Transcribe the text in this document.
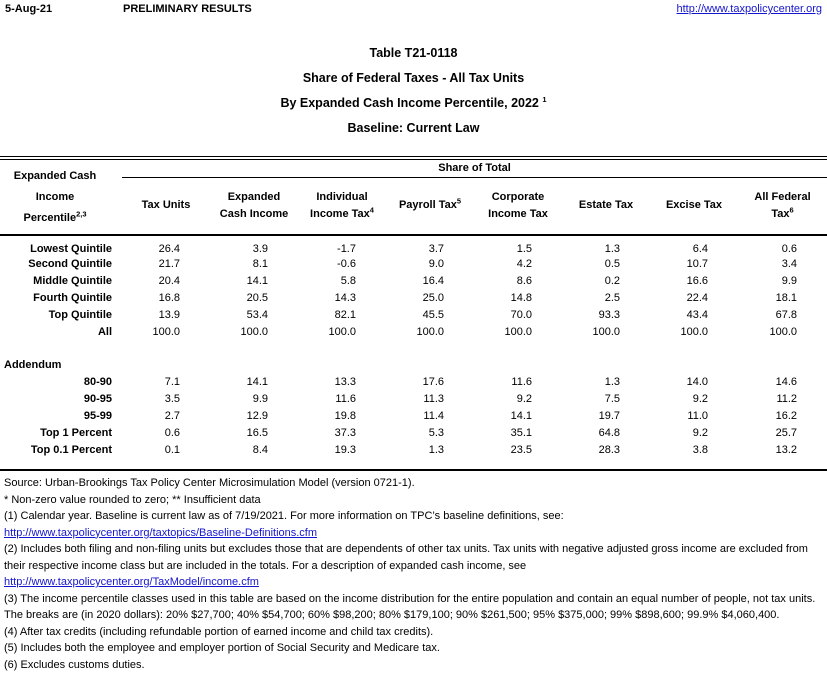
5-Aug-21	PRELIMINARY RESULTS	http://www.taxpolicycenter.org
Table T21-0118
Share of Federal Taxes - All Tax Units
By Expanded Cash Income Percentile, 2022 $^1$
Baseline: Current Law
Expanded Cash Income Percentile$^{2,3}$	Share of Total							
	Tax Units	Expanded Cash Income	Individual Income Tax$^4$	Payroll Tax$^5$	Corporate Income Tax	Estate Tax	Excise Tax	All Federal Tax$^6$
Lowest Quintile	26.4	3.9	-1.7	3.7	1.5	1.3	6.4	0.6
Second Quintile	21.7	8.1	-0.6	9.0	4.2	0.5	10.7	3.4
Middle Quintile	20.4	14.1	5.8	16.4	8.6	0.2	16.6	9.9
Fourth Quintile	16.8	20.5	14.3	25.0	14.8	2.5	22.4	18.1
Top Quintile	13.9	53.4	82.1	45.5	70.0	93.3	43.4	67.8
All	100.0	100.0	100.0	100.0	100.0	100.0	100.0	100.0

Addendum								
80-90	7.1	14.1	13.3	17.6	11.6	1.3	14.0	14.6
90-95	3.5	9.9	11.6	11.3	9.2	7.5	9.2	11.2
95-99	2.7	12.9	19.8	11.4	14.1	19.7	11.0	16.2
Top 1 Percent	0.6	16.5	37.3	5.3	35.1	64.8	9.2	25.7
Top 0.1 Percent	0.1	8.4	19.3	1.3	23.5	28.3	3.8	13.2

Source: Urban-Brookings Tax Policy Center Microsimulation Model (version 0721-1).
* Non-zero value rounded to zero; ** Insufficient data
(1) Calendar year. Baseline is current law as of 7/19/2021. For more information on TPC’s baseline definitions, see:
http://www.taxpolicycenter.org/taxtopics/Baseline-Definitions.cfm
(2) Includes both filing and non-filing units but excludes those that are dependents of other tax units. Tax units with negative adjusted gross income are excluded from their respective income class but are included in the totals. For a description of expanded cash income, see
http://www.taxpolicycenter.org/TaxModel/income.cfm
(3) The income percentile classes used in this table are based on the income distribution for the entire population and contain an equal number of people, not tax units. The breaks are (in 2020 dollars): 20% $27,700; 40% $54,700; 60% $98,200; 80% $179,100; 90% $261,500; 95% $375,000; 99% $898,600; 99.9% $4,060,400.
(4) After tax credits (including refundable portion of earned income and child tax credits).
(5) Includes both the employee and employer portion of Social Security and Medicare tax.
(6) Excludes customs duties.
